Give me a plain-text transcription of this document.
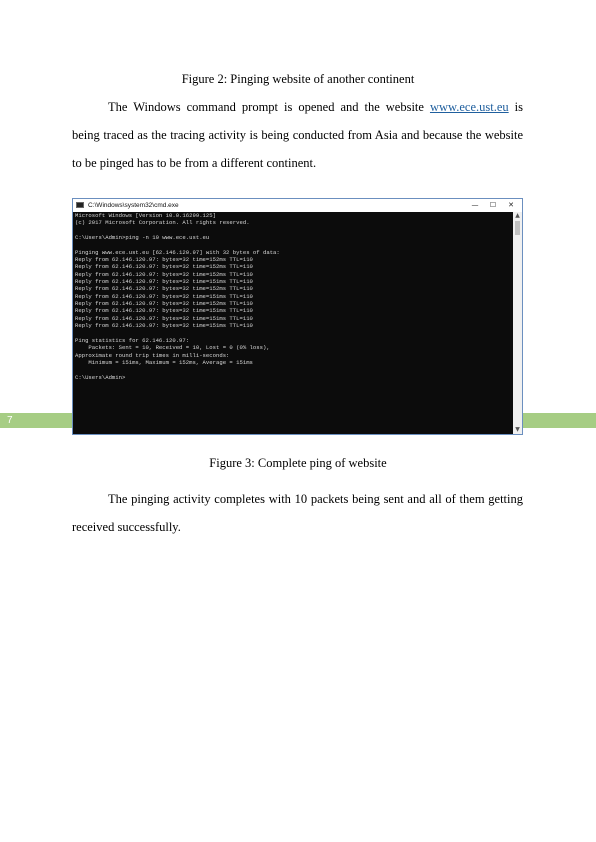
Figure 2: Pinging website of another continent

The Windows command prompt is opened and the website www.ece.ust.eu is being traced as the tracing activity is being conducted from Asia and because the website to be pinged has to be from a different continent.

7
C:\Windows\system32\cmd.exe	—	☐	✕
Microsoft Windows [Version 10.0.16299.125]
(c) 2017 Microsoft Corporation. All rights reserved.
C:\Users\Admin>ping -n 10 www.ece.ust.eu
Pinging www.ece.ust.eu [62.146.120.97] with 32 bytes of data:
Reply from 62.146.120.97: bytes=32 time=152ms TTL=110
Reply from 62.146.120.97: bytes=32 time=152ms TTL=110
Reply from 62.146.120.97: bytes=32 time=152ms TTL=110
Reply from 62.146.120.97: bytes=32 time=151ms TTL=110
Reply from 62.146.120.97: bytes=32 time=152ms TTL=110
Reply from 62.146.120.97: bytes=32 time=151ms TTL=110
Reply from 62.146.120.97: bytes=32 time=152ms TTL=110
Reply from 62.146.120.97: bytes=32 time=151ms TTL=110
Reply from 62.146.120.97: bytes=32 time=151ms TTL=110
Reply from 62.146.120.97: bytes=32 time=151ms TTL=110
Ping statistics for 62.146.120.97:
Packets: Sent = 10, Received = 10, Lost = 0 (0% loss),
Approximate round trip times in milli-seconds:
Minimum = 151ms, Maximum = 152ms, Average = 151ms
C:\Users\Admin>
▲
▼
Figure 3: Complete ping of website

The pinging activity completes with 10 packets being sent and all of them getting received successfully.
